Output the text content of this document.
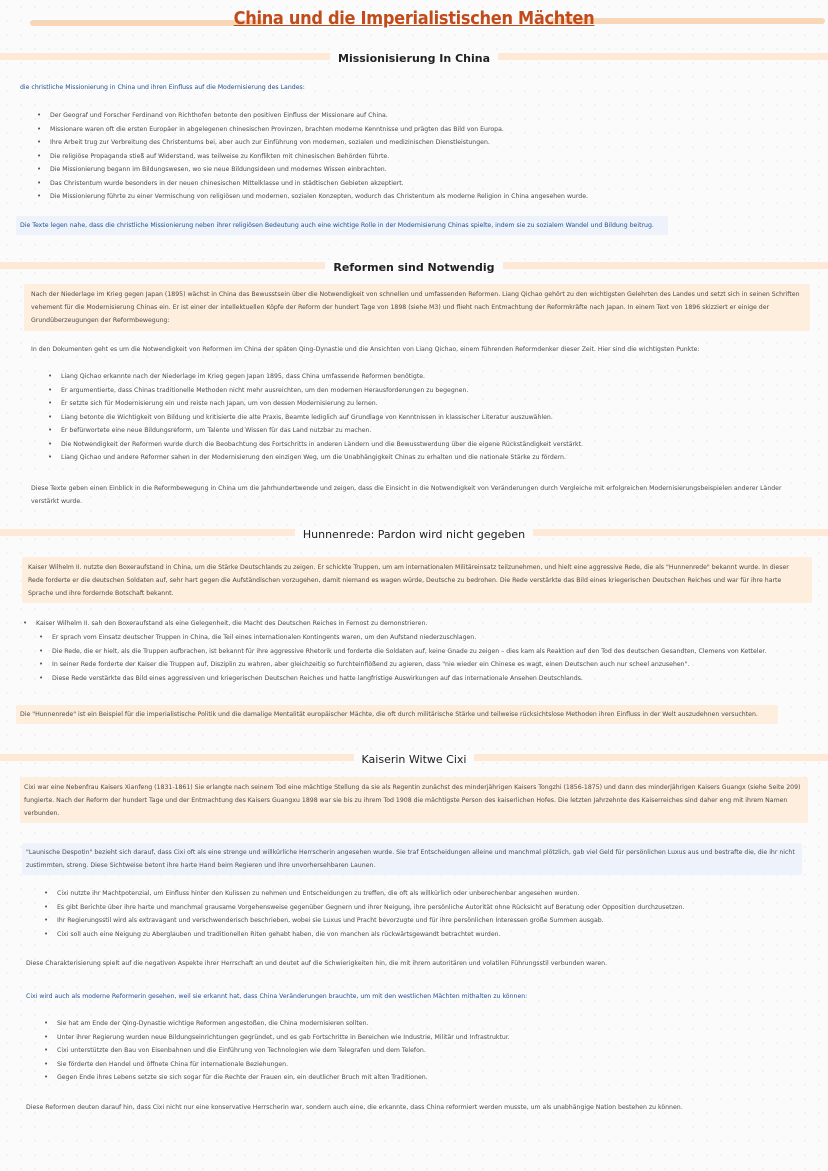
China und die Imperialistischen Mächten
Missionisierung In China
die christliche Missionierung in China und ihren Einfluss auf die Modernisierung des Landes:
• Der Geograf und Forscher Ferdinand von Richthofen betonte den positiven Einfluss der Missionare auf China.
• Missionare waren oft die ersten Europäer in abgelegenen chinesischen Provinzen, brachten moderne Kenntnisse und prägten das Bild von Europa.
• Ihre Arbeit trug zur Verbreitung des Christentums bei, aber auch zur Einführung von modernen, sozialen und medizinischen Dienstleistungen.
• Die religiöse Propaganda stieß auf Widerstand, was teilweise zu Konflikten mit chinesischen Behörden führte.
• Die Missionierung begann im Bildungswesen, wo sie neue Bildungsideen und modernes Wissen einbrachten.
• Das Christentum wurde besonders in der neuen chinesischen Mittelklasse und in städtischen Gebieten akzeptiert.
• Die Missionierung führte zu einer Vermischung von religiösen und modernen, sozialen Konzepten, wodurch das Christentum als moderne Religion in China angesehen wurde.
Die Texte legen nahe, dass die christliche Missionierung neben ihrer religiösen Bedeutung auch eine wichtige Rolle in der Modernisierung Chinas spielte, indem sie zu sozialem Wandel und Bildung beitrug.
Reformen sind Notwendig
Nach der Niederlage im Krieg gegen Japan (1895) wächst in China das Bewusstsein über die Notwendigkeit von schnellen und umfassenden Reformen. Liang Qichao gehört zu den wichtigsten Gelehrten des Landes und setzt sich in seinen Schriften vehement für die Modernisierung Chinas ein. Er ist einer der intellektuellen Köpfe der Reform der hundert Tage von 1898 (siehe M3) und flieht nach Entmachtung der Reformkräfte nach Japan. In einem Text von 1896 skizziert er einige der Grundüberzeugungen der Reformbewegung:
In den Dokumenten geht es um die Notwendigkeit von Reformen im China der späten Qing-Dynastie und die Ansichten von Liang Qichao, einem führenden Reformdenker dieser Zeit. Hier sind die wichtigsten Punkte:
• Liang Qichao erkannte nach der Niederlage im Krieg gegen Japan 1895, dass China umfassende Reformen benötigte.
• Er argumentierte, dass Chinas traditionelle Methoden nicht mehr ausreichten, um den modernen Herausforderungen zu begegnen.
• Er setzte sich für Modernisierung ein und reiste nach Japan, um von dessen Modernisierung zu lernen.
• Liang betonte die Wichtigkeit von Bildung und kritisierte die alte Praxis, Beamte lediglich auf Grundlage von Kenntnissen in klassischer Literatur auszuwählen.
• Er befürwortete eine neue Bildungsreform, um Talente und Wissen für das Land nutzbar zu machen.
• Die Notwendigkeit der Reformen wurde durch die Beobachtung des Fortschritts in anderen Ländern und die Bewusstwerdung über die eigene Rückständigkeit verstärkt.
• Liang Qichao und andere Reformer sahen in der Modernisierung den einzigen Weg, um die Unabhängigkeit Chinas zu erhalten und die nationale Stärke zu fördern.
Diese Texte geben einen Einblick in die Reformbewegung in China um die Jahrhundertwende und zeigen, dass die Einsicht in die Notwendigkeit von Veränderungen durch Vergleiche mit erfolgreichen Modernisierungsbeispielen anderer Länder verstärkt wurde.
Hunnenrede: Pardon wird nicht gegeben
Kaiser Wilhelm II. nutzte den Boxeraufstand in China, um die Stärke Deutschlands zu zeigen. Er schickte Truppen, um am internationalen Militäreinsatz teilzunehmen, und hielt eine aggressive Rede, die als "Hunnenrede" bekannt wurde. In dieser Rede forderte er die deutschen Soldaten auf, sehr hart gegen die Aufständischen vorzugehen, damit niemand es wagen würde, Deutsche zu bedrohen. Die Rede verstärkte das Bild eines kriegerischen Deutschen Reiches und war für ihre harte Sprache und ihre fordernde Botschaft bekannt.
• Kaiser Wilhelm II. sah den Boxeraufstand als eine Gelegenheit, die Macht des Deutschen Reiches in Fernost zu demonstrieren.
• Er sprach vom Einsatz deutscher Truppen in China, die Teil eines internationalen Kontingents waren, um den Aufstand niederzuschlagen.
• Die Rede, die er hielt, als die Truppen aufbrachen, ist bekannt für ihre aggressive Rhetorik und forderte die Soldaten auf, keine Gnade zu zeigen – dies kam als Reaktion auf den Tod des deutschen Gesandten, Clemens von Ketteler.
• In seiner Rede forderte der Kaiser die Truppen auf, Disziplin zu wahren, aber gleichzeitig so furchteinflößend zu agieren, dass "nie wieder ein Chinese es wagt, einen Deutschen auch nur scheel anzusehen".
• Diese Rede verstärkte das Bild eines aggressiven und kriegerischen Deutschen Reiches und hatte langfristige Auswirkungen auf das internationale Ansehen Deutschlands.
Die "Hunnenrede" ist ein Beispiel für die imperialistische Politik und die damalige Mentalität europäischer Mächte, die oft durch militärische Stärke und teilweise rücksichtslose Methoden ihren Einfluss in der Welt auszudehnen versuchten.
Kaiserin Witwe Cixi
Cixi war eine Nebenfrau Kaisers Xianfeng (1831-1861) Sie erlangte nach seinem Tod eine mächtige Stellung da sie als Regentin zunächst des minderjährigen Kaisers Tongzhi (1856-1875) und dann des minderjährigen Kaisers Guangx (siehe Seite 209) fungierte. Nach der Reform der hundert Tage und der Entmachtung des Kaisers Guangxu 1898 war sie bis zu ihrem Tod 1908 die mächtigste Person des kaiserlichen Hofes. Die letzten Jahrzehnte des Kaiserreiches sind daher eng mit ihrem Namen verbunden.
"Launische Despotin" bezieht sich darauf, dass Cixi oft als eine strenge und willkürliche Herrscherin angesehen wurde. Sie traf Entscheidungen alleine und manchmal plötzlich, gab viel Geld für persönlichen Luxus aus und bestrafte die, die ihr nicht zustimmten, streng. Diese Sichtweise betont ihre harte Hand beim Regieren und ihre unvorhersehbaren Launen.
• Cixi nutzte ihr Machtpotenzial, um Einfluss hinter den Kulissen zu nehmen und Entscheidungen zu treffen, die oft als willkürlich oder unberechenbar angesehen wurden.
• Es gibt Berichte über ihre harte und manchmal grausame Vorgehensweise gegenüber Gegnern und ihrer Neigung, ihre persönliche Autorität ohne Rücksicht auf Beratung oder Opposition durchzusetzen.
• Ihr Regierungsstil wird als extravagant und verschwenderisch beschrieben, wobei sie Luxus und Pracht bevorzugte und für ihre persönlichen Interessen große Summen ausgab.
• Cixi soll auch eine Neigung zu Aberglauben und traditionellen Riten gehabt haben, die von manchen als rückwärtsgewandt betrachtet wurden.
Diese Charakterisierung spielt auf die negativen Aspekte ihrer Herrschaft an und deutet auf die Schwierigkeiten hin, die mit ihrem autoritären und volatilen Führungsstil verbunden waren.
Cixi wird auch als moderne Reformerin gesehen, weil sie erkannt hat, dass China Veränderungen brauchte, um mit den westlichen Mächten mithalten zu können:
• Sie hat am Ende der Qing-Dynastie wichtige Reformen angestoßen, die China modernisieren sollten.
• Unter ihrer Regierung wurden neue Bildungseinrichtungen gegründet, und es gab Fortschritte in Bereichen wie Industrie, Militär und Infrastruktur.
• Cixi unterstützte den Bau von Eisenbahnen und die Einführung von Technologien wie dem Telegrafen und dem Telefon.
• Sie förderte den Handel und öffnete China für internationale Beziehungen.
• Gegen Ende ihres Lebens setzte sie sich sogar für die Rechte der Frauen ein, ein deutlicher Bruch mit alten Traditionen.
Diese Reformen deuten darauf hin, dass Cixi nicht nur eine konservative Herrscherin war, sondern auch eine, die erkannte, dass China reformiert werden musste, um als unabhängige Nation bestehen zu können.
